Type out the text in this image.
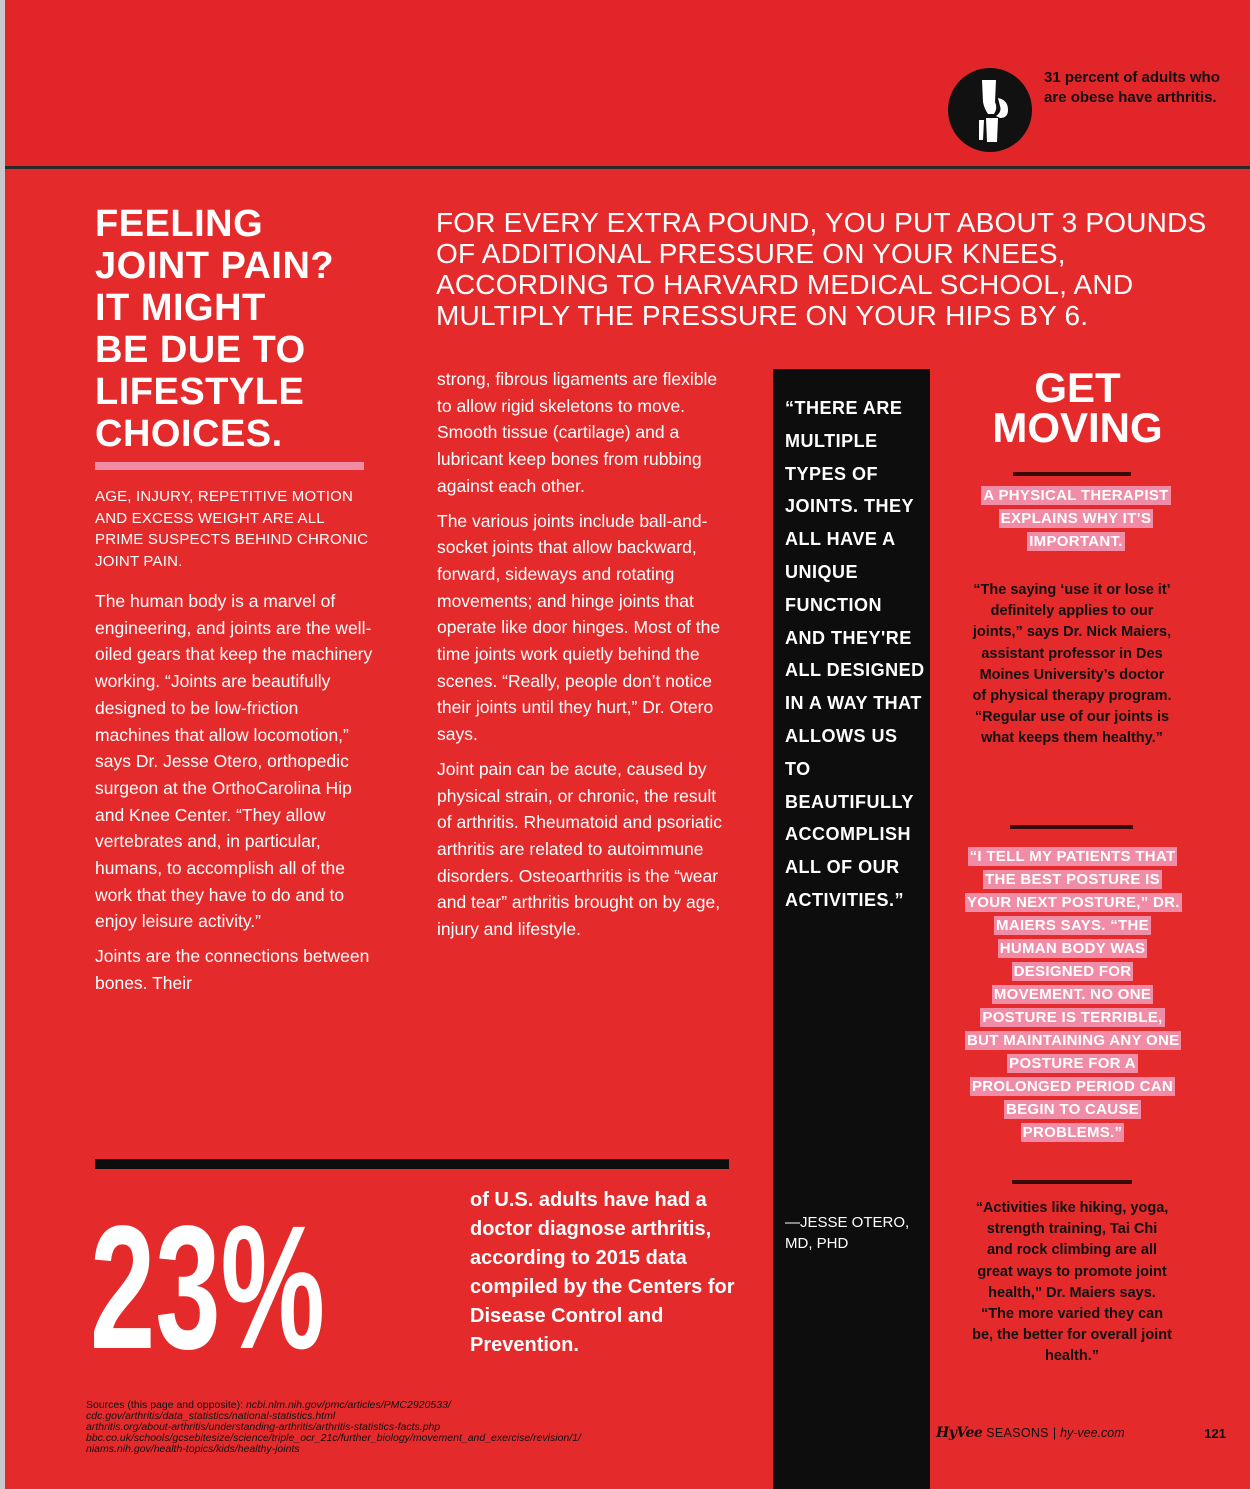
31 percent of adults who are obese have arthritis.
FEELING
JOINT PAIN?
IT MIGHT
BE DUE TO
LIFESTYLE
CHOICES.
AGE, INJURY, REPETITIVE MOTION AND EXCESS WEIGHT ARE ALL PRIME SUSPECTS BEHIND CHRONIC JOINT PAIN.

The human body is a marvel of engineering, and joints are the well-oiled gears that keep the machinery working. “Joints are beautifully designed to be low-friction machines that allow locomotion,” says Dr. Jesse Otero, orthopedic surgeon at the OrthoCarolina Hip and Knee Center. “They allow vertebrates and, in particular, humans, to accomplish all of the work that they have to do and to enjoy leisure activity.”

Joints are the connections between bones. Their

FOR EVERY EXTRA POUND, YOU PUT ABOUT 3 POUNDS OF ADDITIONAL PRESSURE ON YOUR KNEES, ACCORDING TO HARVARD MEDICAL SCHOOL, AND MULTIPLY THE PRESSURE ON YOUR HIPS BY 6.

strong, fibrous ligaments are flexible to allow rigid skeletons to move. Smooth tissue (cartilage) and a lubricant keep bones from rubbing against each other.

The various joints include ball-and-socket joints that allow backward, forward, sideways and rotating movements; and hinge joints that operate like door hinges. Most of the time joints work quietly behind the scenes. “Really, people don’t notice their joints until they hurt,” Dr. Otero says.

Joint pain can be acute, caused by physical strain, or chronic, the result of arthritis. Rheumatoid and psoriatic arthritis are related to autoimmune disorders. Osteoarthritis is the “wear and tear” arthritis brought on by age, injury and lifestyle.

“THERE ARE MULTIPLE TYPES OF JOINTS. THEY ALL HAVE A UNIQUE FUNCTION AND THEY'RE ALL DESIGNED IN A WAY THAT ALLOWS US TO BEAUTIFULLY ACCOMPLISH ALL OF OUR ACTIVITIES.”
—JESSE OTERO, MD, PHD
GET MOVING
A PHYSICAL THERAPIST EXPLAINS WHY IT’S IMPORTANT.
“The saying ‘use it or lose it’ definitely applies to our joints,” says Dr. Nick Maiers, assistant professor in Des Moines University’s doctor of physical therapy program. “Regular use of our joints is what keeps them healthy.”
“I TELL MY PATIENTS THAT THE BEST POSTURE IS YOUR NEXT POSTURE,” DR. MAIERS SAYS. “THE HUMAN BODY WAS DESIGNED FOR MOVEMENT. NO ONE POSTURE IS TERRIBLE, BUT MAINTAINING ANY ONE POSTURE FOR A PROLONGED PERIOD CAN BEGIN TO CAUSE PROBLEMS.”
“Activities like hiking, yoga, strength training, Tai Chi and rock climbing are all great ways to promote joint health,” Dr. Maiers says. “The more varied they can be, the better for overall joint health.”
23%	of U.S. adults have had a doctor diagnose arthritis, according to 2015 data compiled by the Centers for Disease Control and Prevention.
Sources (this page and opposite): ncbi.nlm.nih.gov/pmc/articles/PMC2920533/
cdc.gov/arthritis/data_statistics/national-statistics.html
arthritis.org/about-arthritis/understanding-arthritis/arthritis-statistics-facts.php
bbc.co.uk/schools/gcsebitesize/science/triple_ocr_21c/further_biology/movement_and_exercise/revision/1/
niams.nih.gov/health-topics/kids/healthy-joints
HyVee SEASONS | hy-vee.com	121
